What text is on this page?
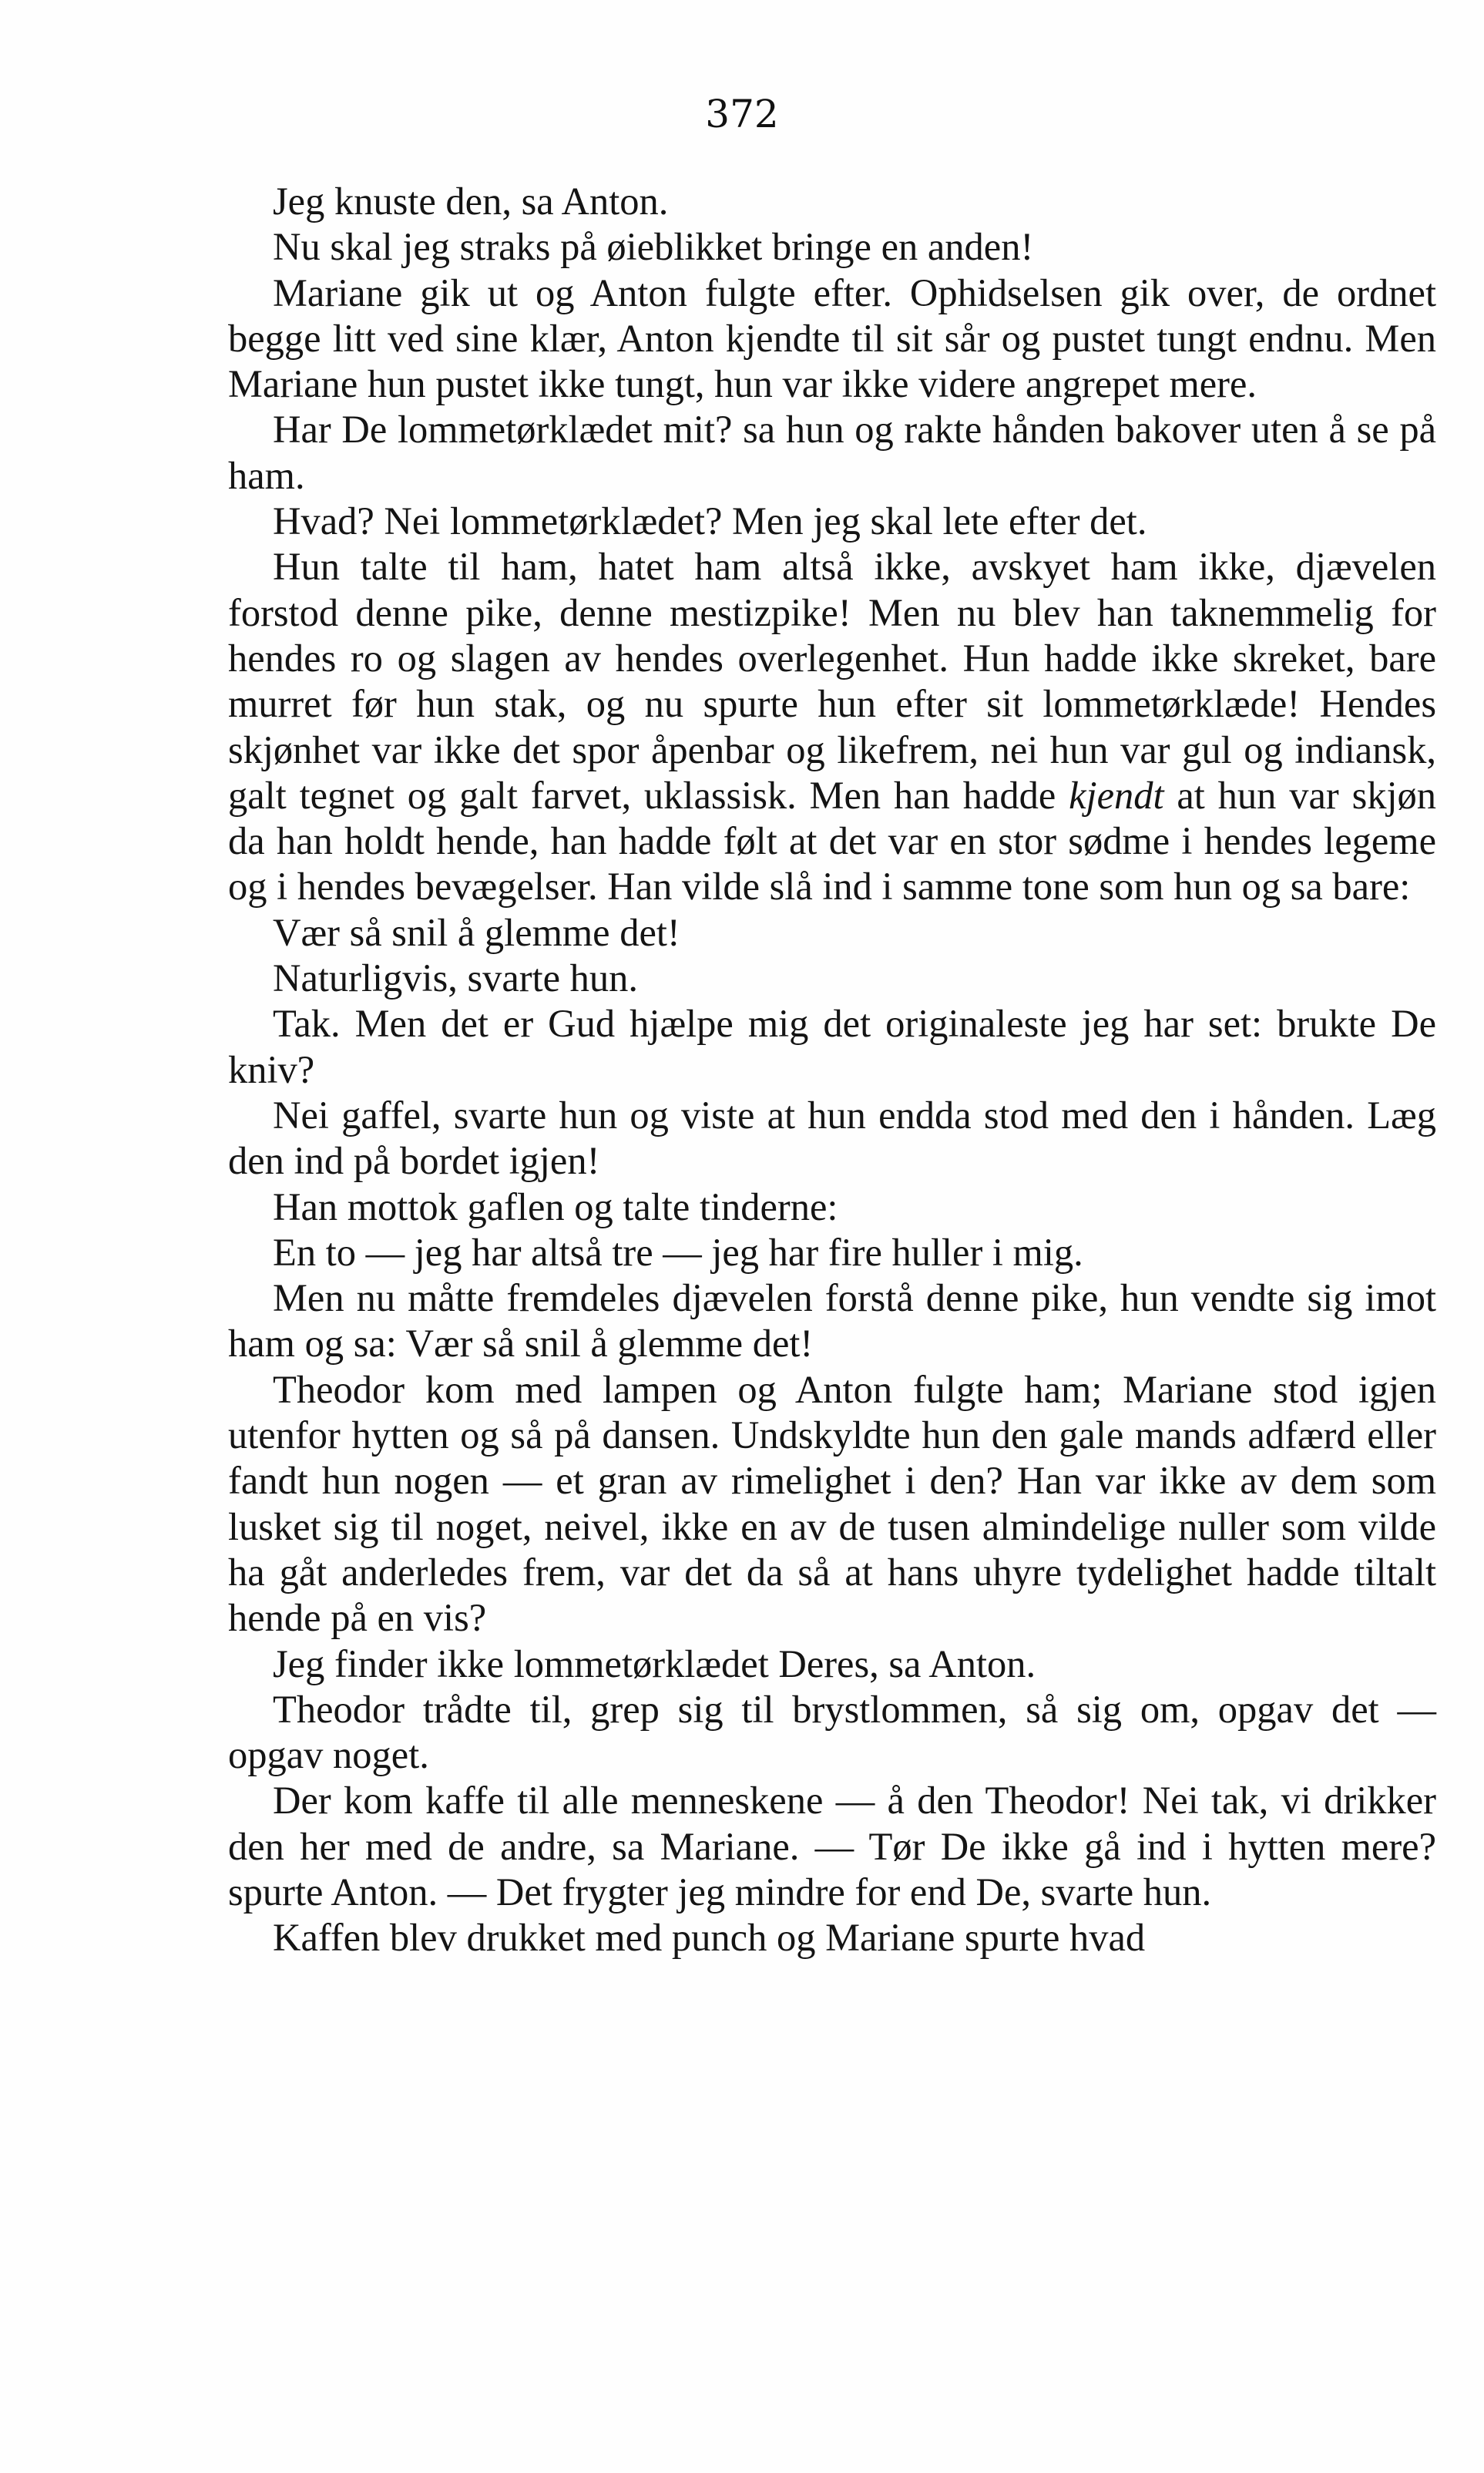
372

Jeg knuste den, sa Anton.

Nu skal jeg straks på øieblikket bringe en anden!

Mariane gik ut og Anton fulgte efter. Ophidselsen gik over, de ordnet begge litt ved sine klær, Anton kjendte til sit sår og pustet tungt endnu. Men Mariane hun pustet ikke tungt, hun var ikke videre angrepet mere.

Har De lommetørklædet mit? sa hun og rakte hånden bakover uten å se på ham.

Hvad? Nei lommetørklædet? Men jeg skal lete efter det.

Hun talte til ham, hatet ham altså ikke, avskyet ham ikke, djævelen forstod denne pike, denne mestizpike! Men nu blev han taknemmelig for hendes ro og slagen av hendes overlegenhet. Hun hadde ikke skreket, bare murret før hun stak, og nu spurte hun efter sit lommetørklæde! Hendes skjønhet var ikke det spor åpenbar og likefrem, nei hun var gul og indiansk, galt tegnet og galt farvet, uklassisk. Men han hadde kjendt at hun var skjøn da han holdt hende, han hadde følt at det var en stor sødme i hendes legeme og i hendes bevægelser. Han vilde slå ind i samme tone som hun og sa bare:

Vær så snil å glemme det!

Naturligvis, svarte hun.

Tak. Men det er Gud hjælpe mig det originaleste jeg har set: brukte De kniv?

Nei gaffel, svarte hun og viste at hun endda stod med den i hånden. Læg den ind på bordet igjen!

Han mottok gaflen og talte tinderne:

En to — jeg har altså tre — jeg har fire huller i mig.

Men nu måtte fremdeles djævelen forstå denne pike, hun vendte sig imot ham og sa: Vær så snil å glemme det!

Theodor kom med lampen og Anton fulgte ham; Mariane stod igjen utenfor hytten og så på dansen. Undskyldte hun den gale mands adfærd eller fandt hun nogen — et gran av rimelighet i den? Han var ikke av dem som lusket sig til noget, neivel, ikke en av de tusen almindelige nuller som vilde ha gåt anderledes frem, var det da så at hans uhyre tydelighet hadde tiltalt hende på en vis?

Jeg finder ikke lommetørklædet Deres, sa Anton.

Theodor trådte til, grep sig til brystlommen, så sig om, opgav det — opgav noget.

Der kom kaffe til alle menneskene — å den Theodor! Nei tak, vi drikker den her med de andre, sa Mariane. — Tør De ikke gå ind i hytten mere? spurte Anton. — Det frygter jeg mindre for end De, svarte hun.

Kaffen blev drukket med punch og Mariane spurte hvad
